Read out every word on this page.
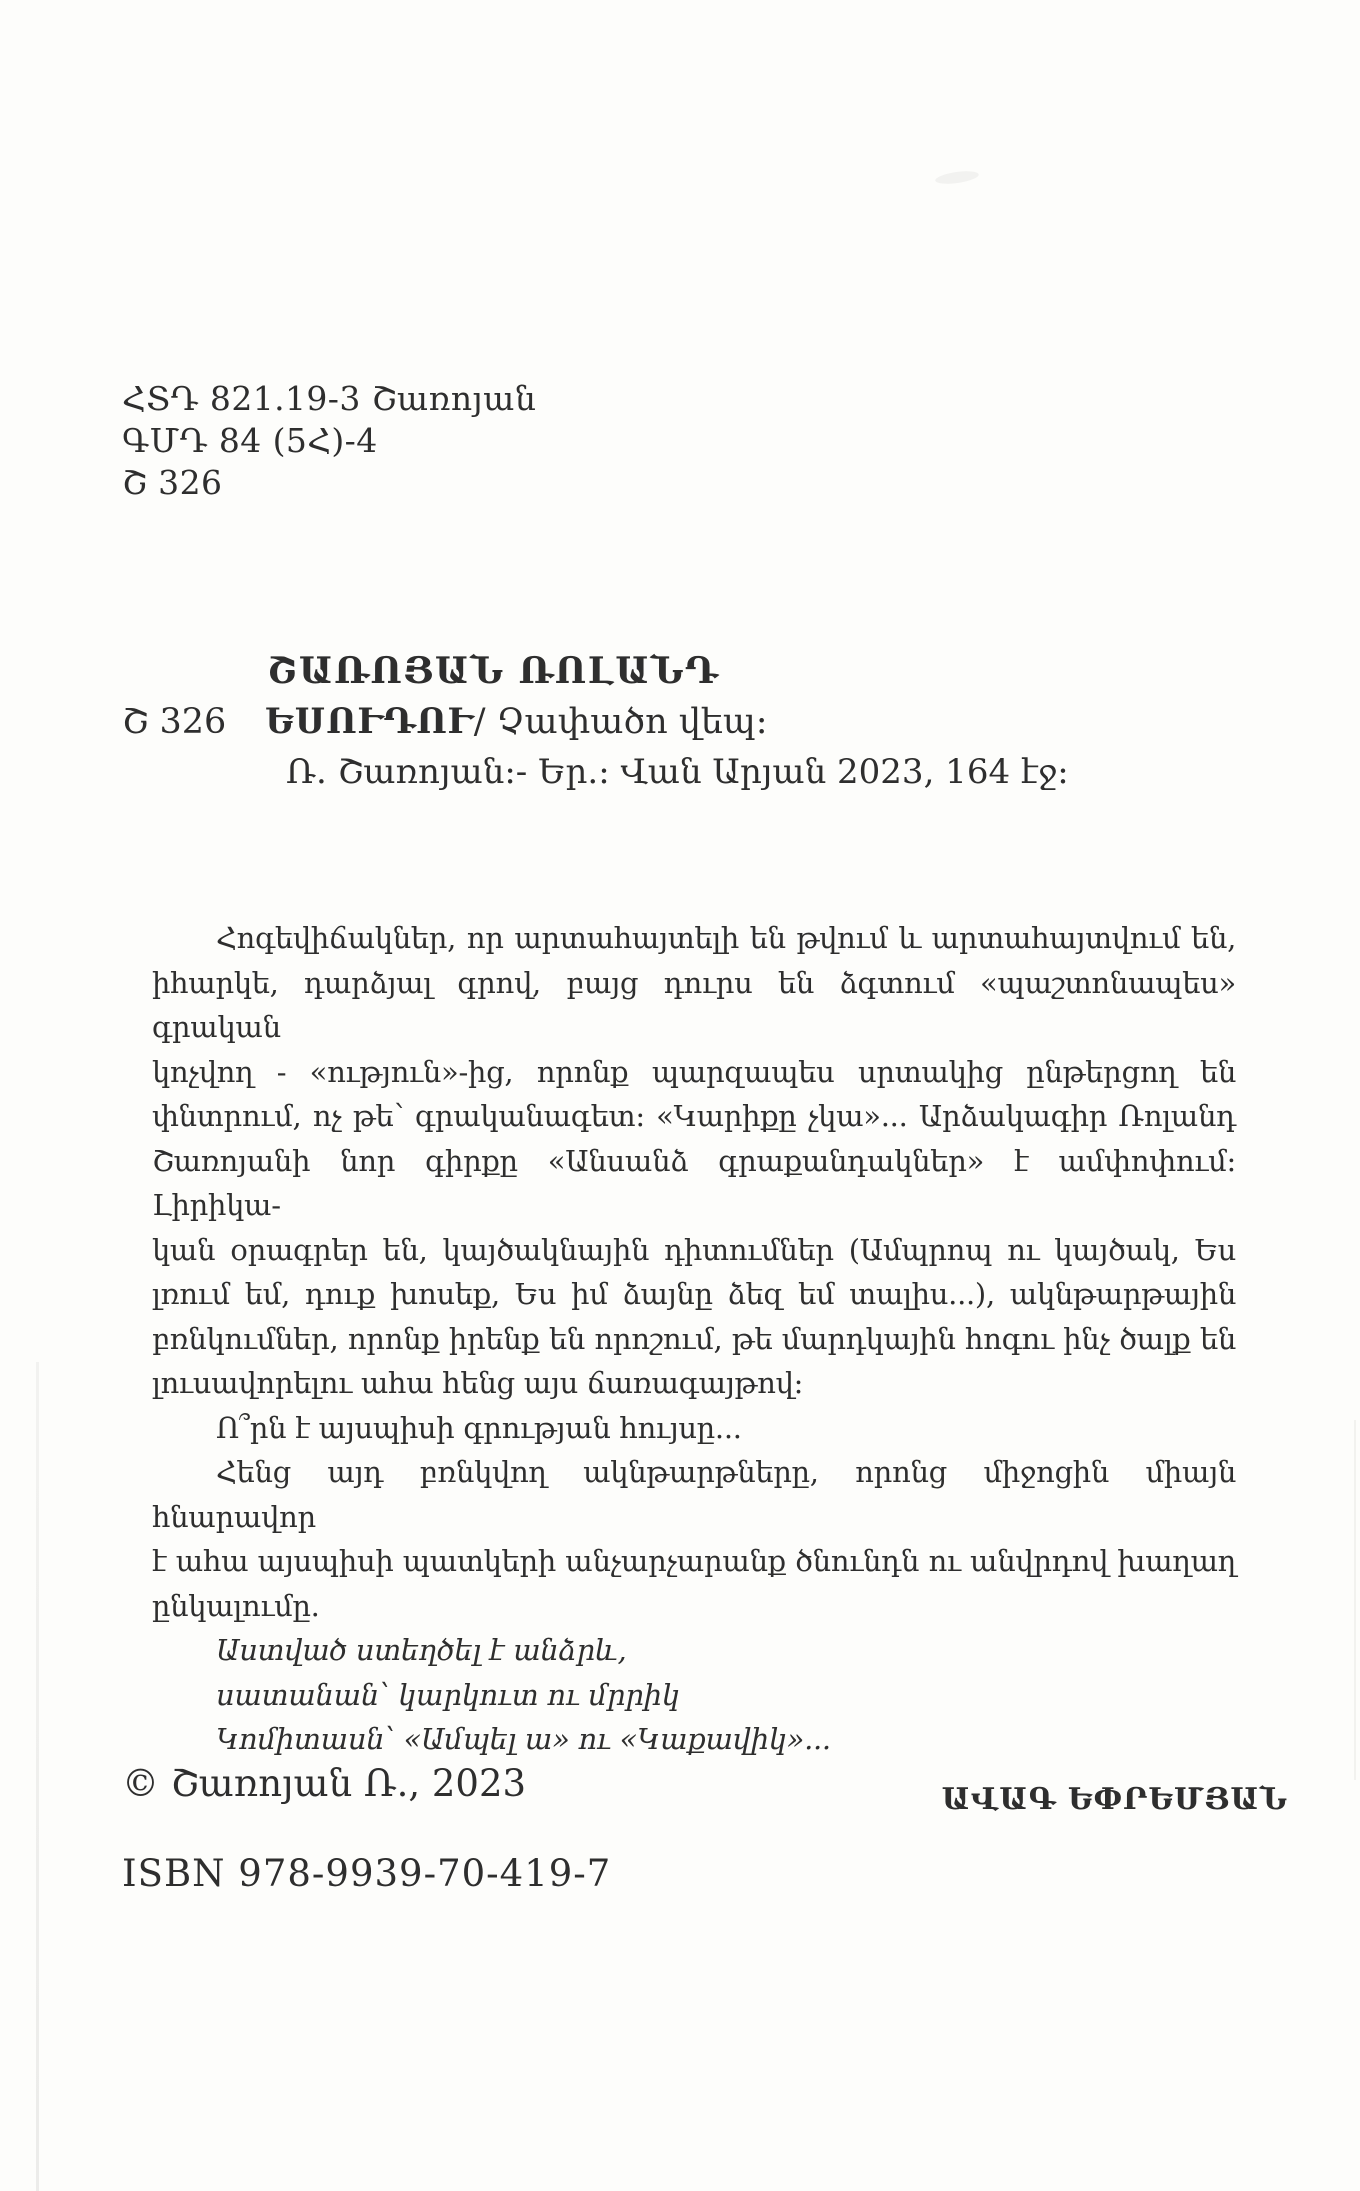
ՀՏԴ 821.19-3 Շառոյան
ԳՄԴ 84 (5Հ)-4
Շ 326
ՇԱՌՈՅԱՆ ՌՈԼԱՆԴ
Շ 326 ԵՍՈՒԴՈՒ/ Չափածո վեպ:
Ռ. Շառոյան:- Եր.: Վան Արյան 2023, 164 էջ:
Հոգեվիճակներ, որ արտահայտելի են թվում և արտահայտվում են,
իհարկե, դարձյալ գրով, բայց դուրս են ձգտում «պաշտոնապես» գրական
կոչվող - «ություն»-ից, որոնք պարզապես սրտակից ընթերցող են
փնտրում, ոչ թե՝ գրականագետ: «Կարիքը չկա»... Արձակագիր Ռոլանդ
Շառոյանի նոր գիրքը «Անսանձ գրաքանդակներ» է ամփոփում: Լիրիկա-
կան օրագրեր են, կայծակնային դիտումներ (Ամպրոպ ու կայծակ, Ես
լռում եմ, դուք խոսեք, Ես իմ ձայնը ձեզ եմ տալիս...), ակնթարթային
բռնկումներ, որոնք իրենք են որոշում, թե մարդկային հոգու ինչ ծալք են
լուսավորելու ահա հենց այս ճառագայթով:
Ո՞րն է այսպիսի գրության հույսը...
Հենց այդ բռնկվող ակնթարթները, որոնց միջոցին միայն հնարավոր
է ահա այսպիսի պատկերի անչարչարանք ծնունդն ու անվրդով խաղաղ
ընկալումը.
Աստված ստեղծել է անձրև,
սատանան՝ կարկուտ ու մրրիկ
Կոմիտասն՝ «Ամպել ա» ու «Կաքավիկ»...
ԱՎԱԳ ԵՓՐԵՄՅԱՆ
© Շառոյան Ռ., 2023
ISBN 978-9939-70-419-7
